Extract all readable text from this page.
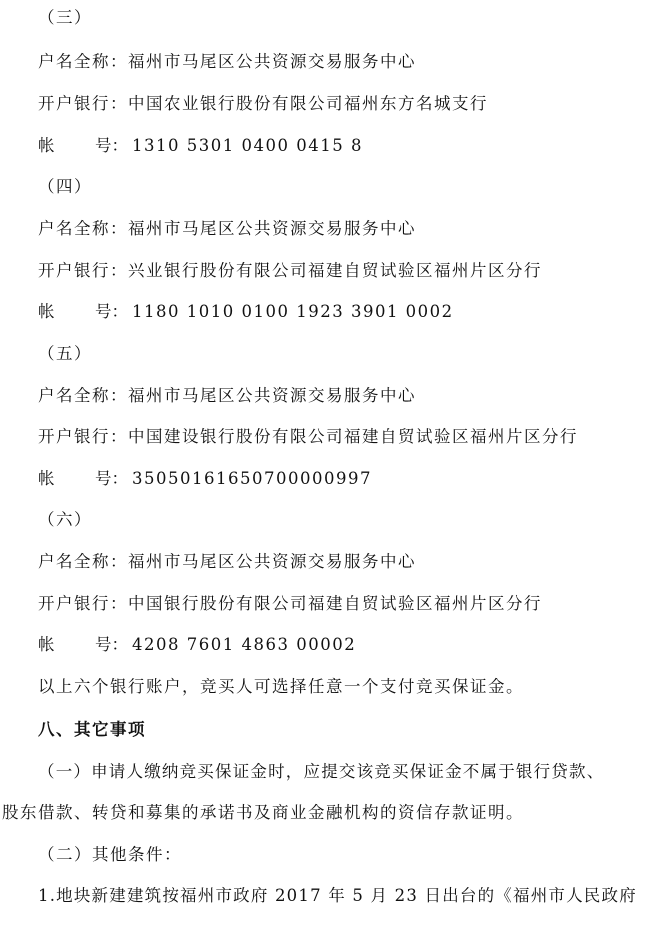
（三）
户名全称：福州市马尾区公共资源交易服务中心
开户银行：中国农业银行股份有限公司福州东方名城支行
帐 号： 1310 5301 0400 0415 8
（四）
户名全称：福州市马尾区公共资源交易服务中心
开户银行：兴业银行股份有限公司福建自贸试验区福州片区分行
帐 号： 1180 1010 0100 1923 3901 0002
（五）
户名全称：福州市马尾区公共资源交易服务中心
开户银行：中国建设银行股份有限公司福建自贸试验区福州片区分行
帐 号： 35050161650700000997
（六）
户名全称：福州市马尾区公共资源交易服务中心
开户银行：中国银行股份有限公司福建自贸试验区福州片区分行
帐 号： 4208 7601 4863 00002
以上六个银行账户，竞买人可选择任意一个支付竞买保证金。
八、其它事项
（一）申请人缴纳竞买保证金时，应提交该竞买保证金不属于银行贷款、
股东借款、转贷和募集的承诺书及商业金融机构的资信存款证明。
（二）其他条件：
1.地块新建建筑按福州市政府 2017 年 5 月 23 日出台的《福州市人民政府
